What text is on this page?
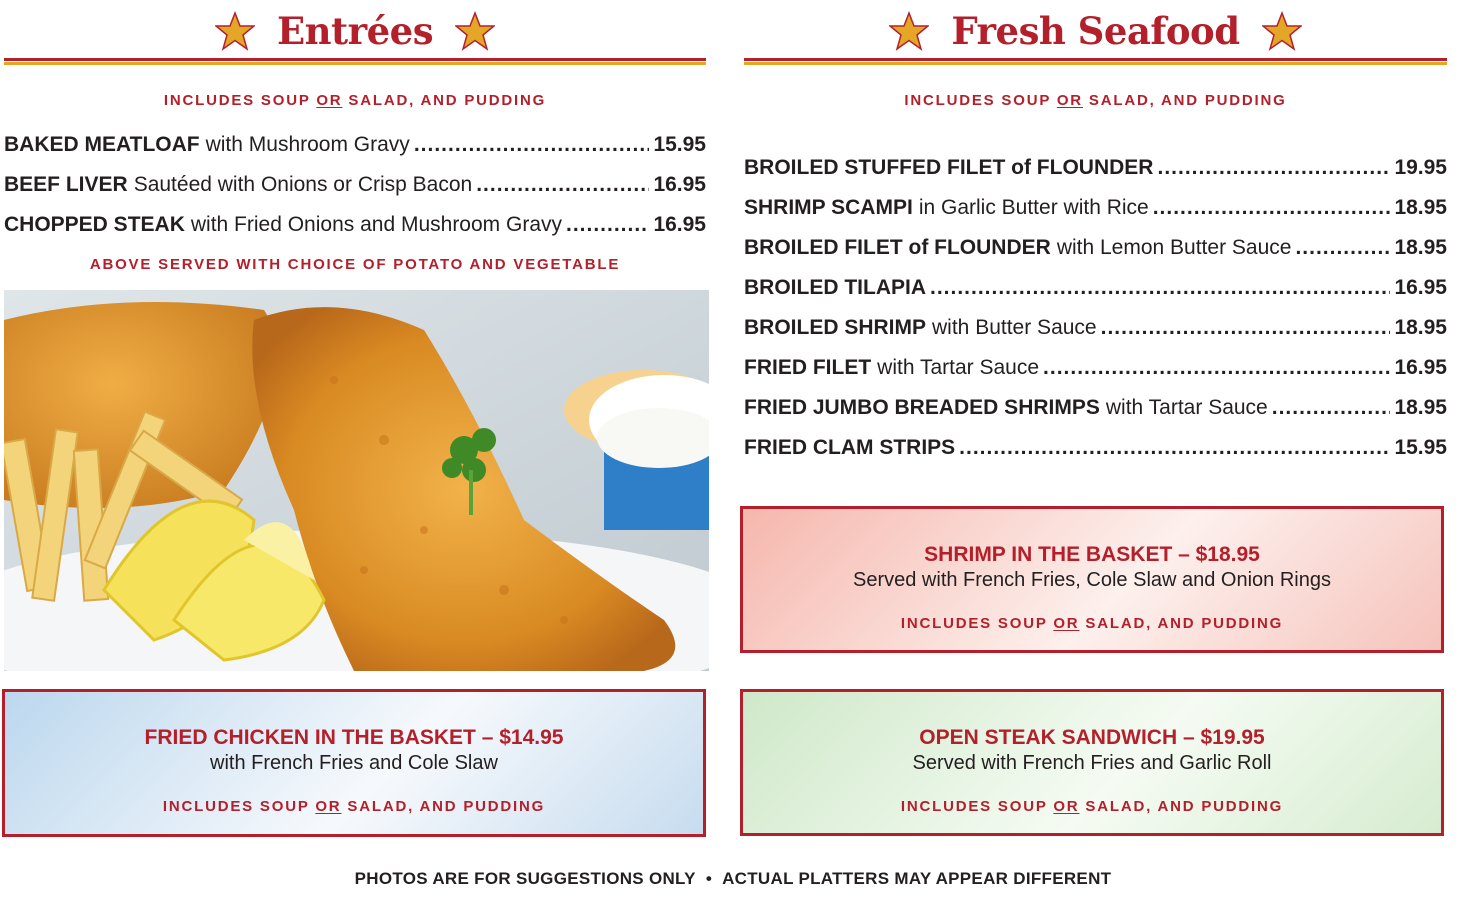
Entrées
INCLUDES SOUP OR SALAD, AND PUDDING
BAKED MEATLOAF with Mushroom Gravy .....	15.95
BEEF LIVER Sautéed with Onions or Crisp Bacon .....	16.95
CHOPPED STEAK with Fried Onions and Mushroom Gravy .....	16.95
ABOVE SERVED WITH CHOICE OF POTATO AND VEGETABLE
Fresh Seafood
INCLUDES SOUP OR SALAD, AND PUDDING
BROILED STUFFED FILET of FLOUNDER .....	19.95
SHRIMP SCAMPI in Garlic Butter with Rice .....	18.95
BROILED FILET of FLOUNDER with Lemon Butter Sauce .....	18.95
BROILED TILAPIA .....	16.95
BROILED SHRIMP with Butter Sauce .....	18.95
FRIED FILET with Tartar Sauce .....	16.95
FRIED JUMBO BREADED SHRIMPS with Tartar Sauce .....	18.95
FRIED CLAM STRIPS .....	15.95
SHRIMP IN THE BASKET – $18.95
Served with French Fries, Cole Slaw and Onion Rings
INCLUDES SOUP OR SALAD, AND PUDDING
FRIED CHICKEN IN THE BASKET – $14.95
with French Fries and Cole Slaw
INCLUDES SOUP OR SALAD, AND PUDDING
OPEN STEAK SANDWICH – $19.95
Served with French Fries and Garlic Roll
INCLUDES SOUP OR SALAD, AND PUDDING
PHOTOS ARE FOR SUGGESTIONS ONLY • ACTUAL PLATTERS MAY APPEAR DIFFERENT
